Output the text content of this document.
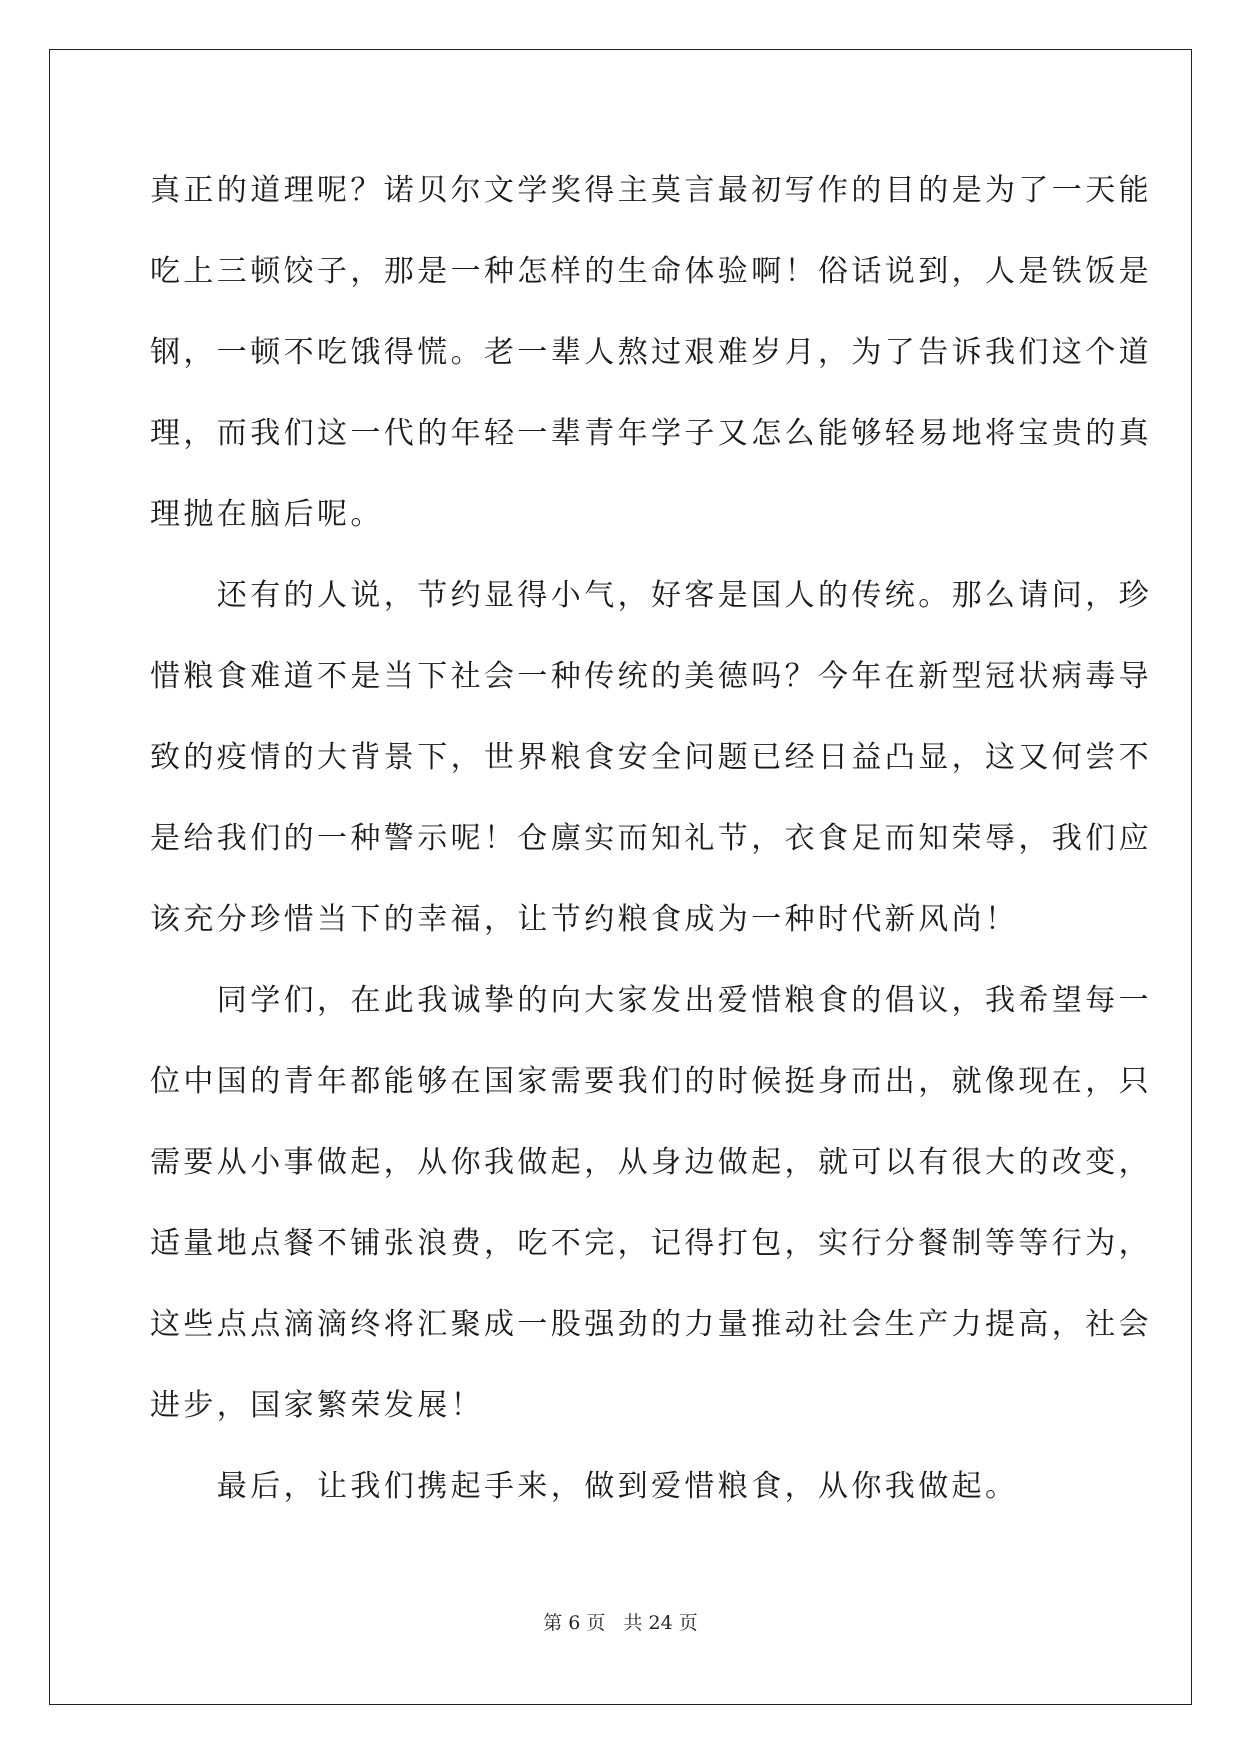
真正的道理呢？诺贝尔文学奖得主莫言最初写作的目的是为了一天能
吃上三顿饺子，那是一种怎样的生命体验啊！俗话说到，人是铁饭是
钢，一顿不吃饿得慌。老一辈人熬过艰难岁月，为了告诉我们这个道
理，而我们这一代的年轻一辈青年学子又怎么能够轻易地将宝贵的真
理抛在脑后呢。
　　还有的人说，节约显得小气，好客是国人的传统。那么请问，珍
惜粮食难道不是当下社会一种传统的美德吗？今年在新型冠状病毒导
致的疫情的大背景下，世界粮食安全问题已经日益凸显，这又何尝不
是给我们的一种警示呢！仓廪实而知礼节，衣食足而知荣辱，我们应
该充分珍惜当下的幸福，让节约粮食成为一种时代新风尚！
　　同学们，在此我诚挚的向大家发出爱惜粮食的倡议，我希望每一
位中国的青年都能够在国家需要我们的时候挺身而出，就像现在，只
需要从小事做起，从你我做起，从身边做起，就可以有很大的改变，
适量地点餐不铺张浪费，吃不完，记得打包，实行分餐制等等行为，
这些点点滴滴终将汇聚成一股强劲的力量推动社会生产力提高，社会
进步，国家繁荣发展！
　　最后，让我们携起手来，做到爱惜粮食，从你我做起。
第 6 页 共 24 页
